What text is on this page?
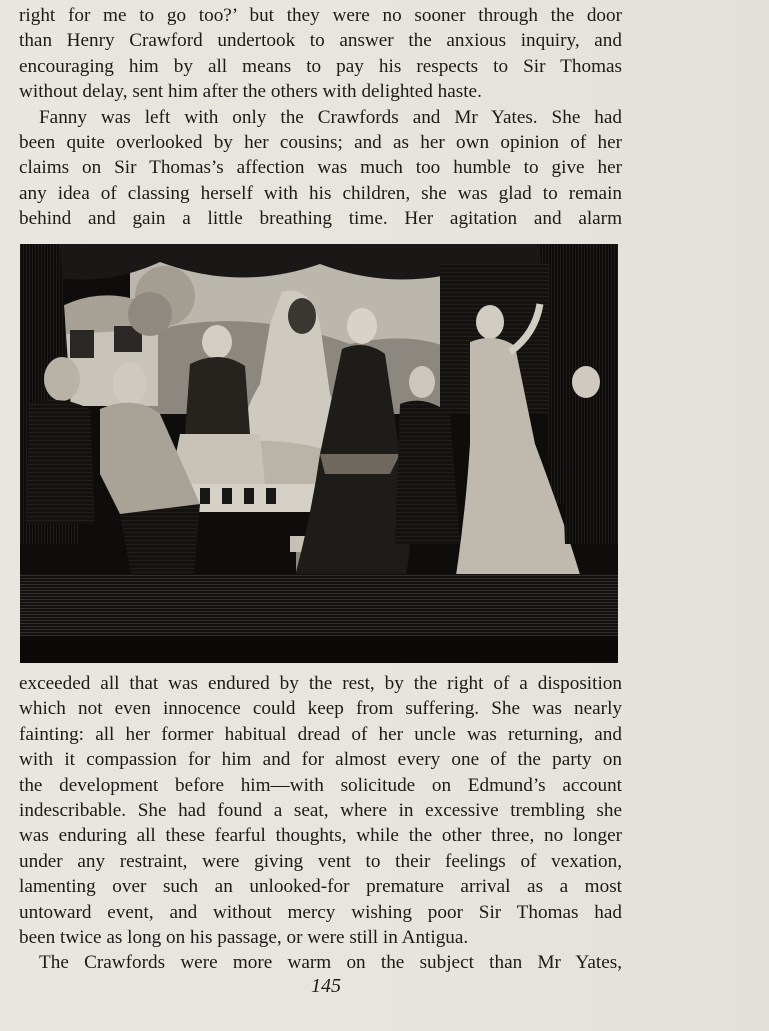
right for me to go too?’ but they were no sooner through the door
than Henry Crawford undertook to answer the anxious inquiry, and
encouraging him by all means to pay his respects to Sir Thomas
without delay, sent him after the others with delighted haste.
Fanny was left with only the Crawfords and Mr Yates. She had
been quite overlooked by her cousins; and as her own opinion of her
claims on Sir Thomas’s affection was much too humble to give her
any idea of classing herself with his children, she was glad to remain
behind and gain a little breathing time. Her agitation and alarm
exceeded all that was endured by the rest, by the right of a disposition
which not even innocence could keep from suffering. She was nearly
fainting: all her former habitual dread of her uncle was returning, and
with it compassion for him and for almost every one of the party on
the development before him—with solicitude on Edmund’s account
indescribable. She had found a seat, where in excessive trembling she
was enduring all these fearful thoughts, while the other three, no longer
under any restraint, were giving vent to their feelings of vexation,
lamenting over such an unlooked-for premature arrival as a most
untoward event, and without mercy wishing poor Sir Thomas had
been twice as long on his passage, or were still in Antigua.
The Crawfords were more warm on the subject than Mr Yates,
145
